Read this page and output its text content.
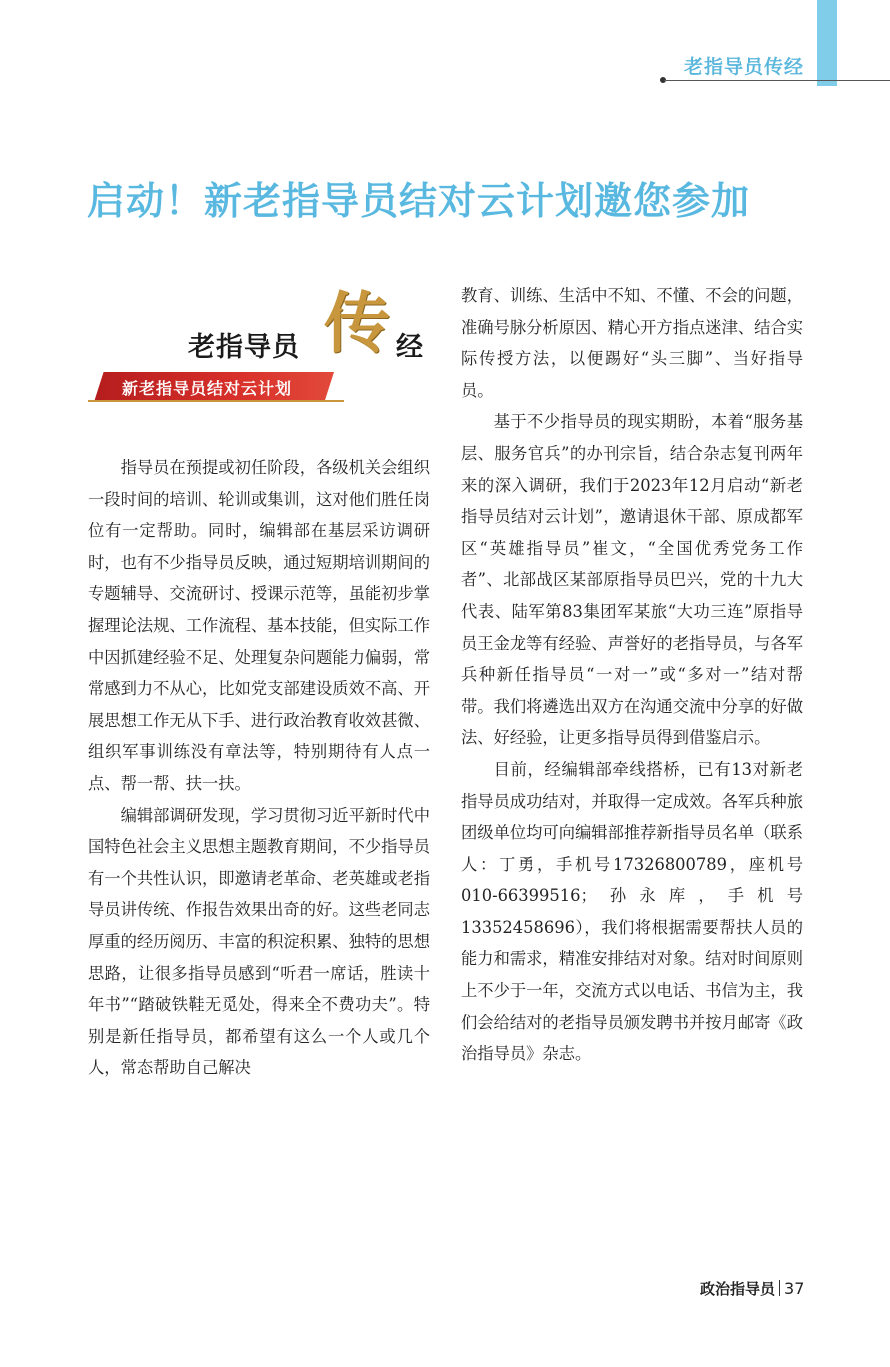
老指导员传经
启动！新老指导员结对云计划邀您参加
老指导员 传 经
新老指导员结对云计划

指导员在预提或初任阶段，各级机关会组织一段时间的培训、轮训或集训，这对他们胜任岗位有一定帮助。同时，编辑部在基层采访调研时，也有不少指导员反映，通过短期培训期间的专题辅导、交流研讨、授课示范等，虽能初步掌握理论法规、工作流程、基本技能，但实际工作中因抓建经验不足、处理复杂问题能力偏弱，常常感到力不从心，比如党支部建设质效不高、开展思想工作无从下手、进行政治教育收效甚微、组织军事训练没有章法等，特别期待有人点一点、帮一帮、扶一扶。

编辑部调研发现，学习贯彻习近平新时代中国特色社会主义思想主题教育期间，不少指导员有一个共性认识，即邀请老革命、老英雄或老指导员讲传统、作报告效果出奇的好。这些老同志厚重的经历阅历、丰富的积淀积累、独特的思想思路，让很多指导员感到“听君一席话，胜读十年书”“踏破铁鞋无觅处，得来全不费功夫”。特别是新任指导员，都希望有这么一个人或几个人，常态帮助自己解决

教育、训练、生活中不知、不懂、不会的问题，准确号脉分析原因、精心开方指点迷津、结合实际传授方法，以便踢好“头三脚”、当好指导员。

基于不少指导员的现实期盼，本着“服务基层、服务官兵”的办刊宗旨，结合杂志复刊两年来的深入调研，我们于2023年12月启动“新老指导员结对云计划”，邀请退休干部、原成都军区“英雄指导员”崔文，“全国优秀党务工作者”、北部战区某部原指导员巴兴，党的十九大代表、陆军第83集团军某旅“大功三连”原指导员王金龙等有经验、声誉好的老指导员，与各军兵种新任指导员“一对一”或“多对一”结对帮带。我们将遴选出双方在沟通交流中分享的好做法、好经验，让更多指导员得到借鉴启示。

目前，经编辑部牵线搭桥，已有13对新老指导员成功结对，并取得一定成效。各军兵种旅团级单位均可向编辑部推荐新指导员名单（联系人：丁勇，手机号17326800789，座机号010-66399516；孙永库，手机号13352458696），我们将根据需要帮扶人员的能力和需求，精准安排结对对象。结对时间原则上不少于一年，交流方式以电话、书信为主，我们会给结对的老指导员颁发聘书并按月邮寄《政治指导员》杂志。

政治指导员 37
